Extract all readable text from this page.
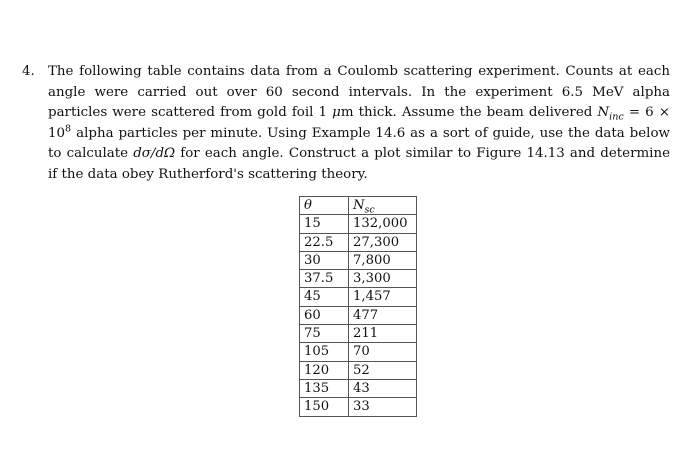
4. The following table contains data from a Coulomb scattering experiment. Counts at each angle were carried out over 60 second intervals. In the experiment 6.5 MeV alpha particles were scattered from gold foil 1 μm thick. Assume the beam delivered $N_{inc} = 6 \times 10^8$ alpha particles per minute. Using Example 14.6 as a sort of guide, use the data below to calculate dσ/dΩ for each angle. Construct a plot similar to Figure 14.13 and determine if the data obey Rutherford's scattering theory.
θ	$N_{sc}$
15	132,000
22.5	27,300
30	7,800
37.5	3,300
45	1,457
60	477
75	211
105	70
120	52
135	43
150	33
